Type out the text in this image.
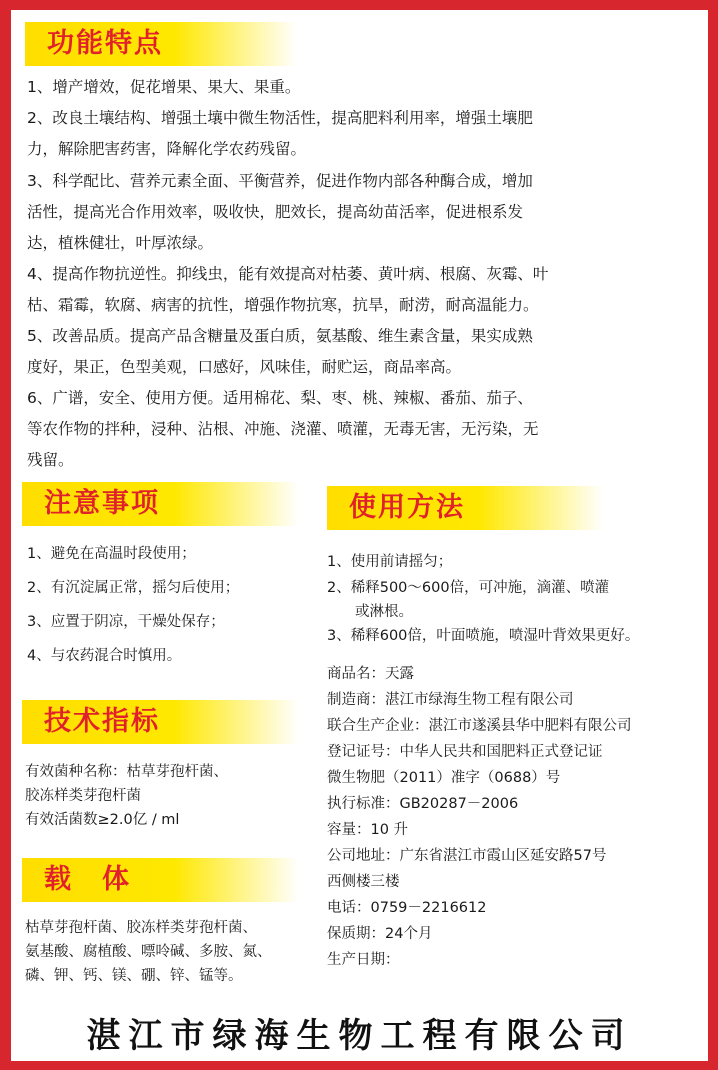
功能特点
1、增产增效，促花增果、果大、果重。
2、改良土壤结构、增强土壤中微生物活性，提高肥料利用率，增强土壤肥
力，解除肥害药害，降解化学农药残留。
3、科学配比、营养元素全面、平衡营养，促进作物内部各种酶合成，增加
活性，提高光合作用效率，吸收快，肥效长，提高幼苗活率，促进根系发
达，植株健壮，叶厚浓绿。
4、提高作物抗逆性。抑线虫，能有效提高对枯萎、黄叶病、根腐、灰霉、叶
枯、霜霉，软腐、病害的抗性，增强作物抗寒，抗旱，耐涝，耐高温能力。
5、改善品质。提高产品含糖量及蛋白质，氨基酸、维生素含量，果实成熟
度好，果正，色型美观，口感好，风味佳，耐贮运，商品率高。
6、广谱，安全、使用方便。适用棉花、梨、枣、桃、辣椒、番茄、茄子、
等农作物的拌种，浸种、沾根、冲施、浇灌、喷灌，无毒无害，无污染，无
残留。
注意事项
1、避免在高温时段使用；
2、有沉淀属正常，摇匀后使用；
3、应置于阴凉，干燥处保存；
4、与农药混合时慎用。
使用方法
1、使用前请摇匀；
2、稀释500～600倍，可冲施，滴灌、喷灌
或淋根。
3、稀释600倍，叶面喷施，喷湿叶背效果更好。
技术指标
有效菌种名称：枯草芽孢杆菌、
胶冻样类芽孢杆菌
有效活菌数≥2.0亿 / ml
载　体
枯草芽孢杆菌、胶冻样类芽孢杆菌、
氨基酸、腐植酸、嘌呤碱、多胺、氮、
磷、钾、钙、镁、硼、锌、锰等。
商品名：天露
制造商：湛江市绿海生物工程有限公司
联合生产企业：湛江市遂溪县华中肥料有限公司
登记证号：中华人民共和国肥料正式登记证
微生物肥（2011）准字（0688）号
执行标准：GB20287－2006
容量：10 升
公司地址：广东省湛江市霞山区延安路57号
西侧楼三楼
电话：0759－2216612
保质期：24个月
生产日期：
湛江市绿海生物工程有限公司
